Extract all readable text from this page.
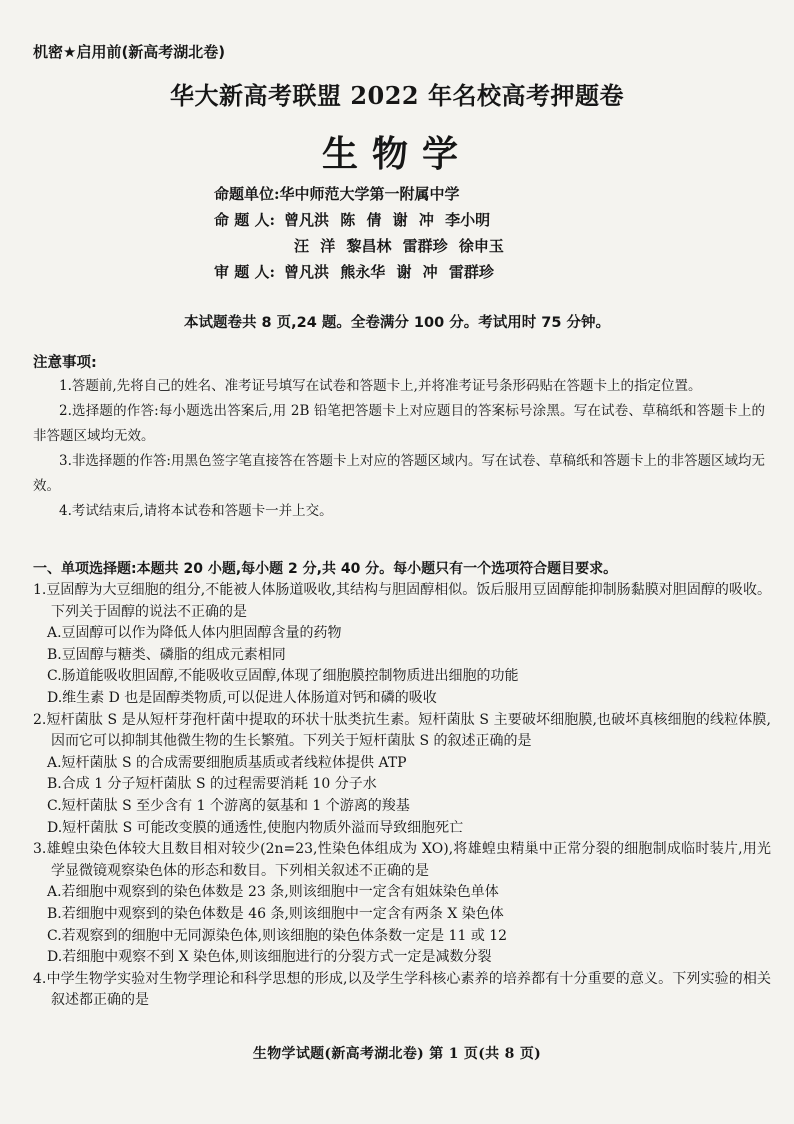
机密★启用前(新高考湖北卷)
华大新高考联盟 2022 年名校高考押题卷
生物学
命题单位: 华中师范大学第一附属中学
命 题 人: 曾凡洪 陈 倩 谢 冲 李小明
汪 洋 黎昌林 雷群珍 徐申玉
审 题 人: 曾凡洪 熊永华 谢 冲 雷群珍
本试题卷共 8 页,24 题。全卷满分 100 分。考试用时 75 分钟。
注意事项:

1.答题前,先将自己的姓名、准考证号填写在试卷和答题卡上,并将准考证号条形码贴在答题卡上的指定位置。

2.选择题的作答:每小题选出答案后,用 2B 铅笔把答题卡上对应题目的答案标号涂黑。写在试卷、草稿纸和答题卡上的非答题区域均无效。

3.非选择题的作答:用黑色签字笔直接答在答题卡上对应的答题区域内。写在试卷、草稿纸和答题卡上的非答题区域均无效。

4.考试结束后,请将本试卷和答题卡一并上交。

一、单项选择题:本题共 20 小题,每小题 2 分,共 40 分。每小题只有一个选项符合题目要求。
1.豆固醇为大豆细胞的组分,不能被人体肠道吸收,其结构与胆固醇相似。饭后服用豆固醇能抑制肠黏膜对胆固醇的吸收。下列关于固醇的说法不正确的是
A.豆固醇可以作为降低人体内胆固醇含量的药物
B.豆固醇与糖类、磷脂的组成元素相同
C.肠道能吸收胆固醇,不能吸收豆固醇,体现了细胞膜控制物质进出细胞的功能
D.维生素 D 也是固醇类物质,可以促进人体肠道对钙和磷的吸收
2.短杆菌肽 S 是从短杆芽孢杆菌中提取的环状十肽类抗生素。短杆菌肽 S 主要破坏细胞膜,也破坏真核细胞的线粒体膜,因而它可以抑制其他微生物的生长繁殖。下列关于短杆菌肽 S 的叙述正确的是
A.短杆菌肽 S 的合成需要细胞质基质或者线粒体提供 ATP
B.合成 1 分子短杆菌肽 S 的过程需要消耗 10 分子水
C.短杆菌肽 S 至少含有 1 个游离的氨基和 1 个游离的羧基
D.短杆菌肽 S 可能改变膜的通透性,使胞内物质外溢而导致细胞死亡
3.雄蝗虫染色体较大且数目相对较少(2n=23,性染色体组成为 XO),将雄蝗虫精巢中正常分裂的细胞制成临时装片,用光学显微镜观察染色体的形态和数目。下列相关叙述不正确的是
A.若细胞中观察到的染色体数是 23 条,则该细胞中一定含有姐妹染色单体
B.若细胞中观察到的染色体数是 46 条,则该细胞中一定含有两条 X 染色体
C.若观察到的细胞中无同源染色体,则该细胞的染色体条数一定是 11 或 12
D.若细胞中观察不到 X 染色体,则该细胞进行的分裂方式一定是减数分裂
4.中学生物学实验对生物学理论和科学思想的形成,以及学生学科核心素养的培养都有十分重要的意义。下列实验的相关叙述都正确的是
生物学试题(新高考湖北卷) 第 1 页(共 8 页)
